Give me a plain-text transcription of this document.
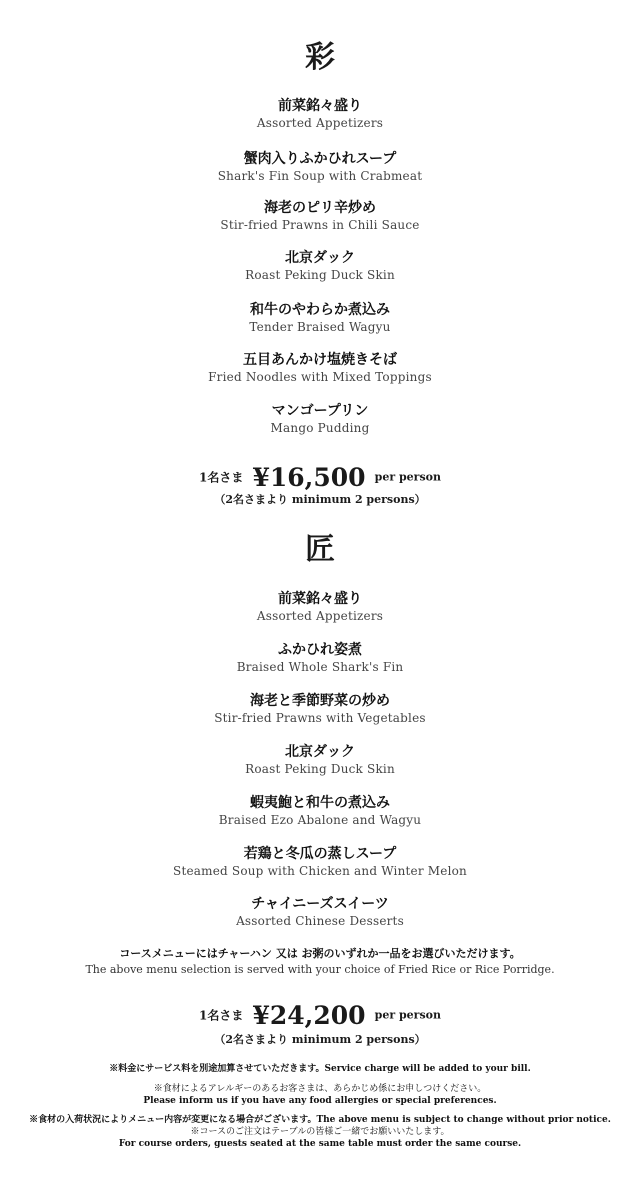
彩
前菜銘々盛り
Assorted Appetizers
蟹肉入りふかひれスープ
Shark's Fin Soup with Crabmeat
海老のピリ辛炒め
Stir-fried Prawns in Chili Sauce
北京ダック
Roast Peking Duck Skin
和牛のやわらか煮込み
Tender Braised Wagyu
五目あんかけ塩焼きそば
Fried Noodles with Mixed Toppings
マンゴープリン
Mango Pudding
1名さま ¥16,500 per person
（2名さまより minimum 2 persons）
匠
前菜銘々盛り
Assorted Appetizers
ふかひれ姿煮
Braised Whole Shark's Fin
海老と季節野菜の炒め
Stir-fried Prawns with Vegetables
北京ダック
Roast Peking Duck Skin
蝦夷鮑と和牛の煮込み
Braised Ezo Abalone and Wagyu
若鶏と冬瓜の蒸しスープ
Steamed Soup with Chicken and Winter Melon
チャイニーズスイーツ
Assorted Chinese Desserts
コースメニューにはチャーハン 又は お粥のいずれか一品をお選びいただけます。
The above menu selection is served with your choice of Fried Rice or Rice Porridge.
1名さま ¥24,200 per person
（2名さまより minimum 2 persons）
※料金にサービス料を別途加算させていただきます。Service charge will be added to your bill.
※食材によるアレルギーのあるお客さまは、あらかじめ係にお申しつけください。
Please inform us if you have any food allergies or special preferences.
※食材の入荷状況によりメニュー内容が変更になる場合がございます。The above menu is subject to change without prior notice.
※コースのご注文はテーブルの皆様ご一緒でお願いいたします。
For course orders, guests seated at the same table must order the same course.
